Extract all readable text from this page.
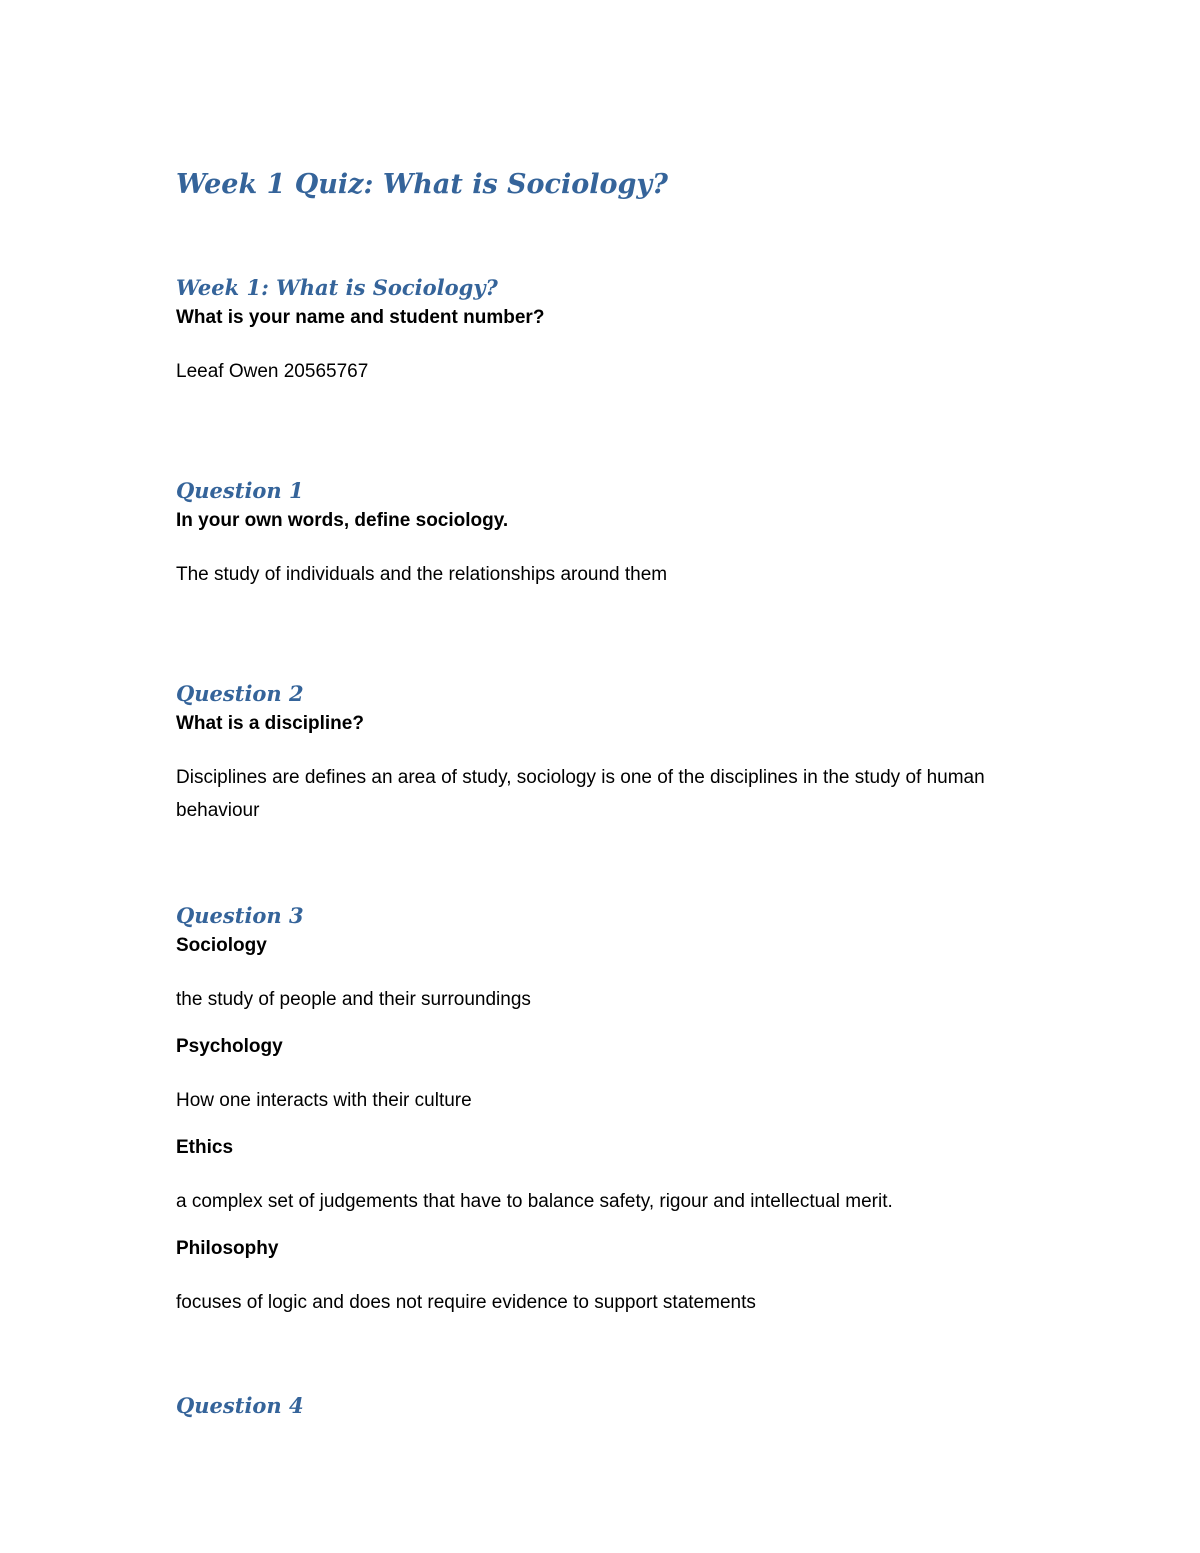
Week 1 Quiz: What is Sociology?
Week 1: What is Sociology?

What is your name and student number?

Leeaf Owen 20565767

Question 1

In your own words, define sociology.

The study of individuals and the relationships around them

Question 2

What is a discipline?

Disciplines are defines an area of study, sociology is one of the disciplines in the study of human behaviour

Question 3

Sociology

the study of people and their surroundings

Psychology

How one interacts with their culture

Ethics

a complex set of judgements that have to balance safety, rigour and intellectual merit.

Philosophy

focuses of logic and does not require evidence to support statements

Question 4
